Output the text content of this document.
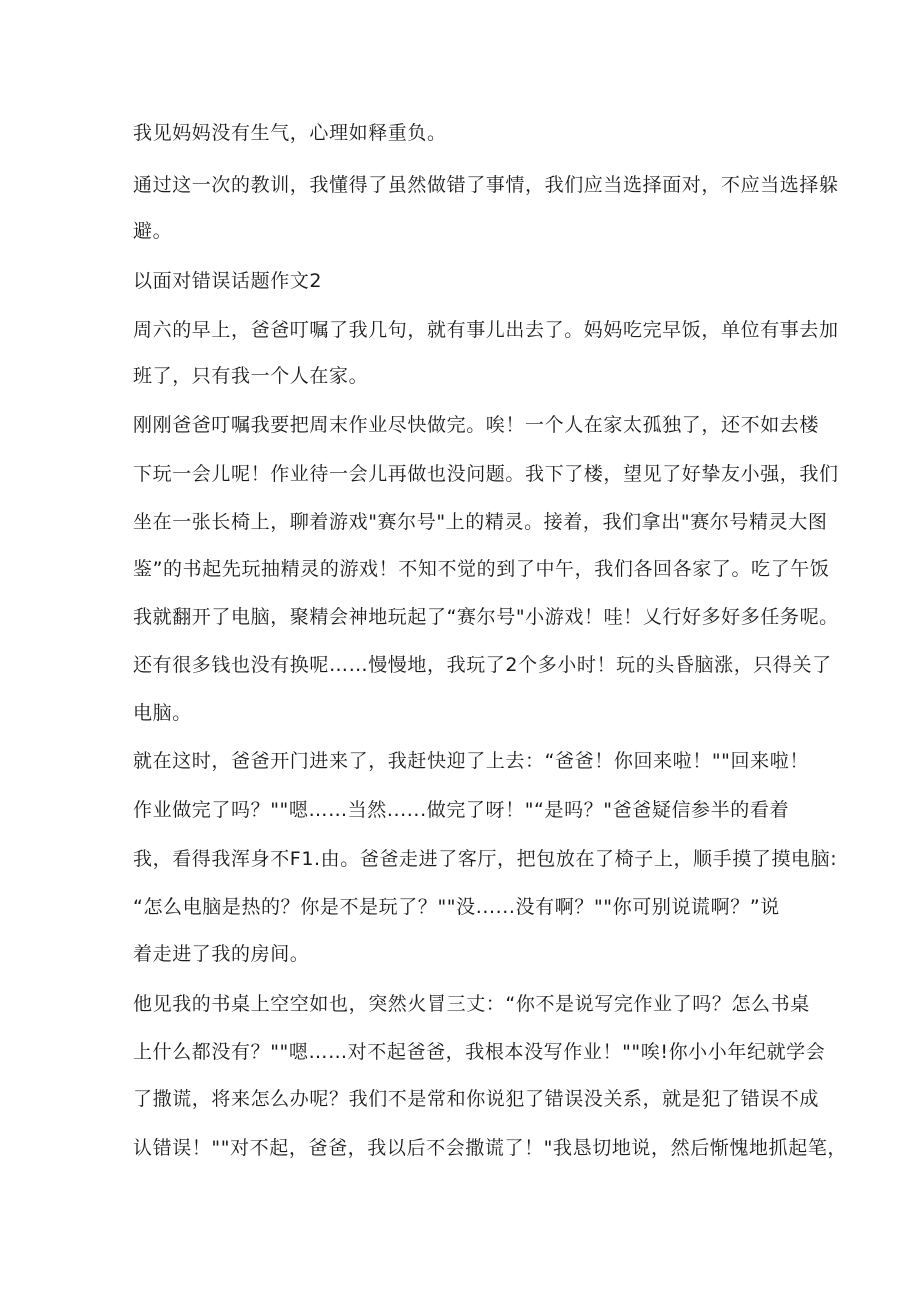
我见妈妈没有生气，心理如释重负。
通过这一次的教训，我懂得了虽然做错了事情，我们应当选择面对，不应当选择躲
避。
以面对错误话题作文2
周六的早上，爸爸叮嘱了我几句，就有事儿出去了。妈妈吃完早饭，单位有事去加
班了，只有我一个人在家。
刚刚爸爸叮嘱我要把周末作业尽快做完。唉！一个人在家太孤独了，还不如去楼
下玩一会儿呢！作业待一会儿再做也没问题。我下了楼，望见了好挚友小强，我们
坐在一张长椅上，聊着游戏"赛尔号"上的精灵。接着，我们拿出"赛尔号精灵大图
鉴”的书起先玩抽精灵的游戏！不知不觉的到了中午，我们各回各家了。吃了午饭
我就翻开了电脑，聚精会神地玩起了“赛尔号"小游戏！哇！乂行好多好多任务呢。
还有很多钱也没有换呢……慢慢地，我玩了2个多小时！玩的头昏脑涨，只得关了
电脑。
就在这时，爸爸开门进来了，我赶快迎了上去：“爸爸！你回来啦！""回来啦！
作业做完了吗？""嗯……当然......做完了呀！"“是吗？"爸爸疑信参半的看着
我，看得我浑身不F1.由。爸爸走进了客厅，把包放在了椅子上，顺手摸了摸电脑:
“怎么电脑是热的？你是不是玩了？""没......没有啊？""你可别说谎啊？”说
着走进了我的房间。
他见我的书桌上空空如也，突然火冒三丈：“你不是说写完作业了吗？怎么书桌
上什么都没有？""嗯……对不起爸爸，我根本没写作业！""唉!你小小年纪就学会
了撒谎，将来怎么办呢？我们不是常和你说犯了错误没关系，就是犯了错误不成
认错误！""对不起，爸爸，我以后不会撒谎了！"我恳切地说，然后惭愧地抓起笔，
